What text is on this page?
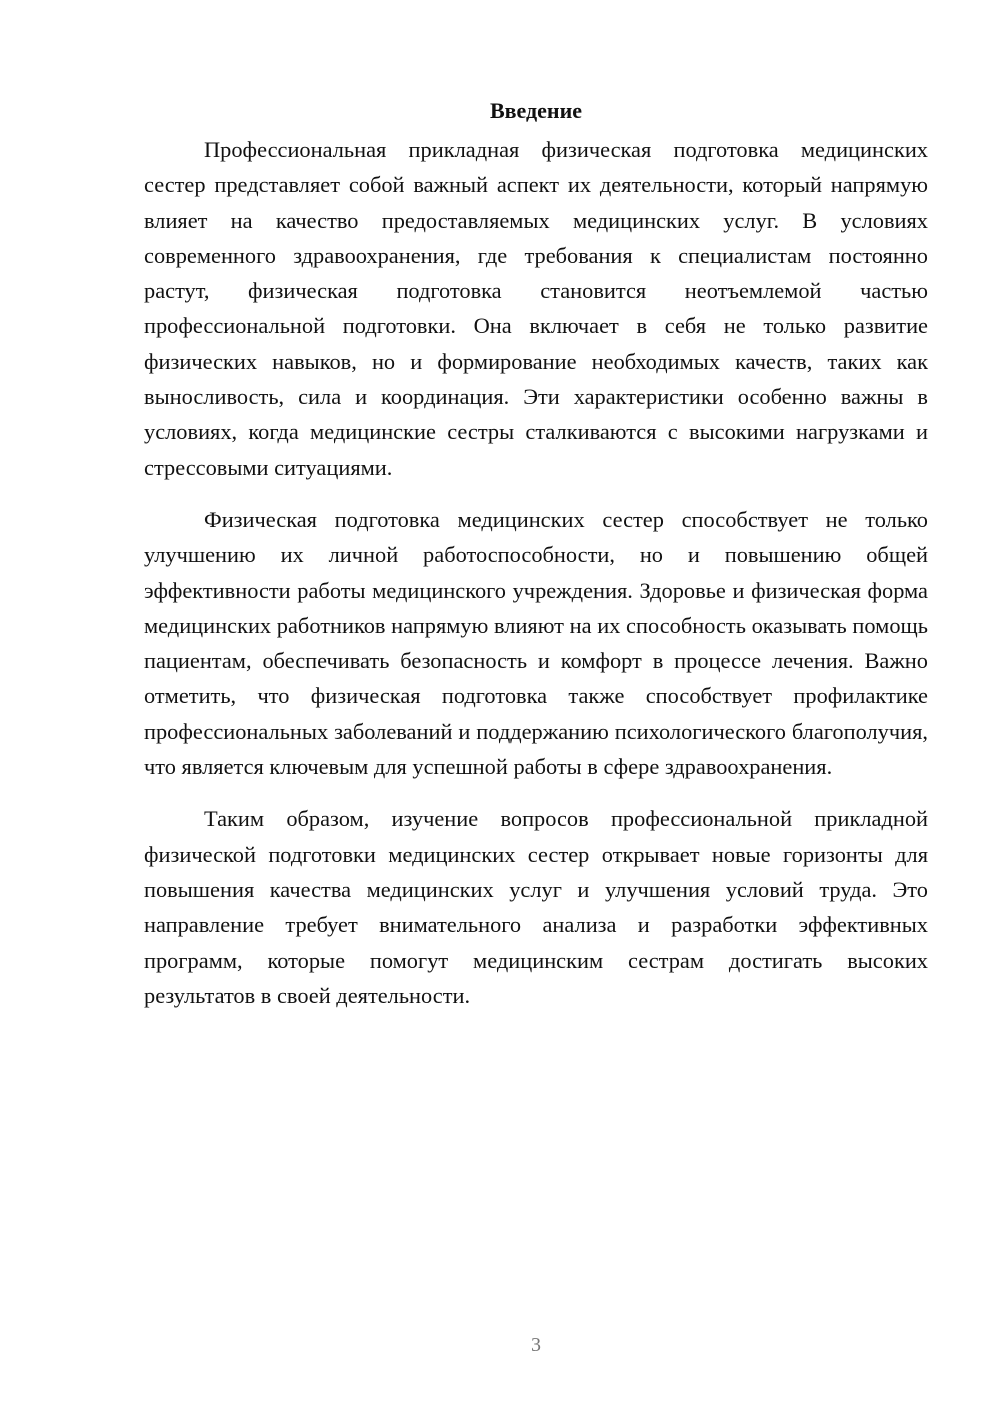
Введение

Профессиональная прикладная физическая подготовка медицинских сестер представляет собой важный аспект их деятельности, который напрямую влияет на качество предоставляемых медицинских услуг. В условиях современного здравоохранения, где требования к специалистам постоянно растут, физическая подготовка становится неотъемлемой частью профессиональной подготовки. Она включает в себя не только развитие физических навыков, но и формирование необходимых качеств, таких как выносливость, сила и координация. Эти характеристики особенно важны в условиях, когда медицинские сестры сталкиваются с высокими нагрузками и стрессовыми ситуациями.

Физическая подготовка медицинских сестер способствует не только улучшению их личной работоспособности, но и повышению общей эффективности работы медицинского учреждения. Здоровье и физическая форма медицинских работников напрямую влияют на их способность оказывать помощь пациентам, обеспечивать безопасность и комфорт в процессе лечения. Важно отметить, что физическая подготовка также способствует профилактике профессиональных заболеваний и поддержанию психологического благополучия, что является ключевым для успешной работы в сфере здравоохранения.

Таким образом, изучение вопросов профессиональной прикладной физической подготовки медицинских сестер открывает новые горизонты для повышения качества медицинских услуг и улучшения условий труда. Это направление требует внимательного анализа и разработки эффективных программ, которые помогут медицинским сестрам достигать высоких результатов в своей деятельности.

3
